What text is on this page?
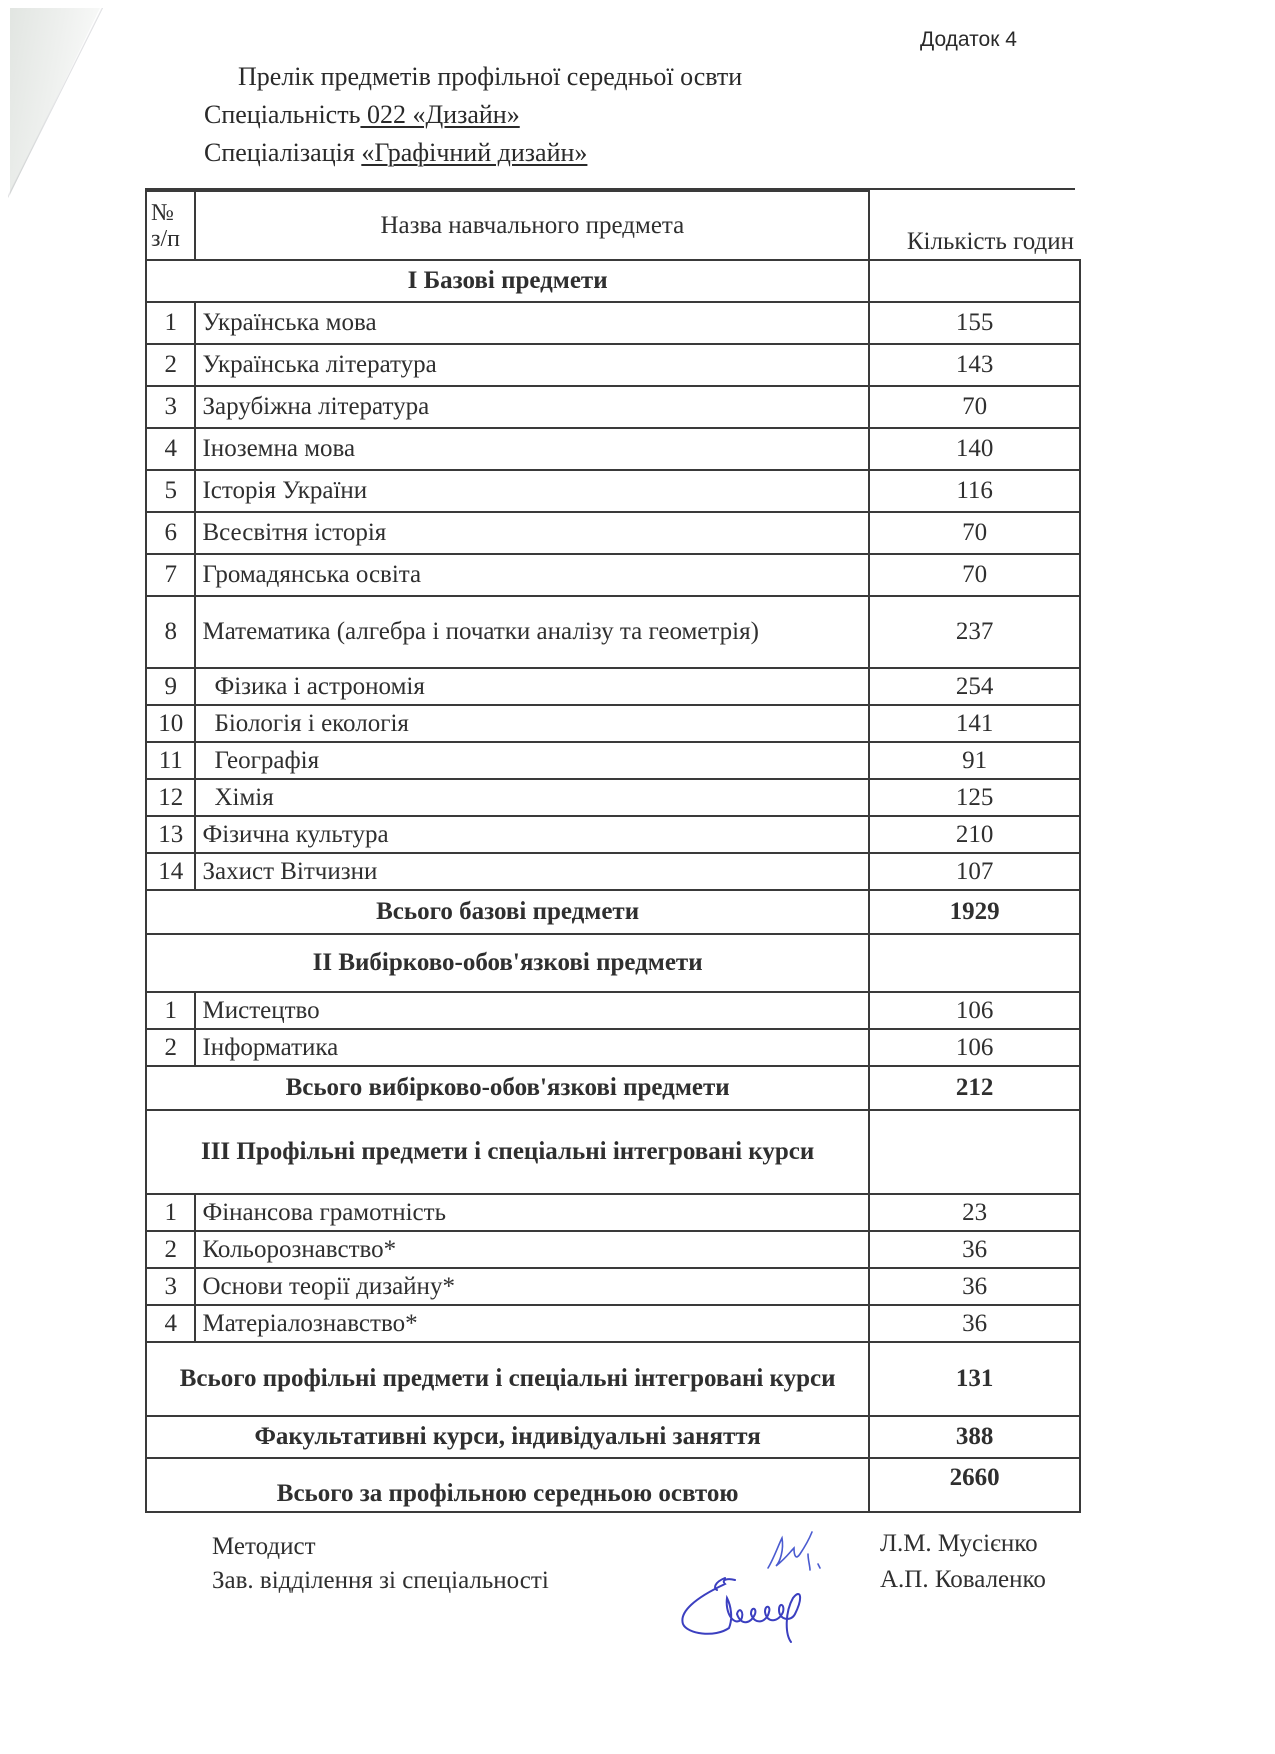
Додаток 4
Прелік предметів профільної середньої освти
Спеціальність 022 «Дизайн»
Спеціалізація «Графічний дизайн»
№
з/п	Назва навчального предмета	Кількість годин
І Базові предмети		
1	Українська мова	155
2	Українська література	143
3	Зарубіжна література	70
4	Іноземна мова	140
5	Історія України	116
6	Всесвітня історія	70
7	Громадянська освіта	70
8	Математика (алгебра і початки аналізу та геометрія)	237
9	Фізика і астрономія	254
10	Біологія і екологія	141
11	Географія	91
12	Хімія	125
13	Фізична культура	210
14	Захист Вітчизни	107
Всього базові предмети		1929
ІІ Вибірково-обов'язкові предмети		
1	Мистецтво	106
2	Інформатика	106
Всього вибірково-обов'язкові предмети		212
ІІІ Профільні предмети і спеціальні інтегровані курси		
1	Фінансова грамотність	23
2	Кольорознавство*	36
3	Основи теорії дизайну*	36
4	Матеріалознавство*	36
Всього профільні предмети і спеціальні інтегровані курси		131
Факультативні курси, індивідуальні заняття		388
Всього за профільною середньою освтою		2660
Методист
Зав. відділення зі спеціальності
Л.М. Мусієнко
А.П. Коваленко
